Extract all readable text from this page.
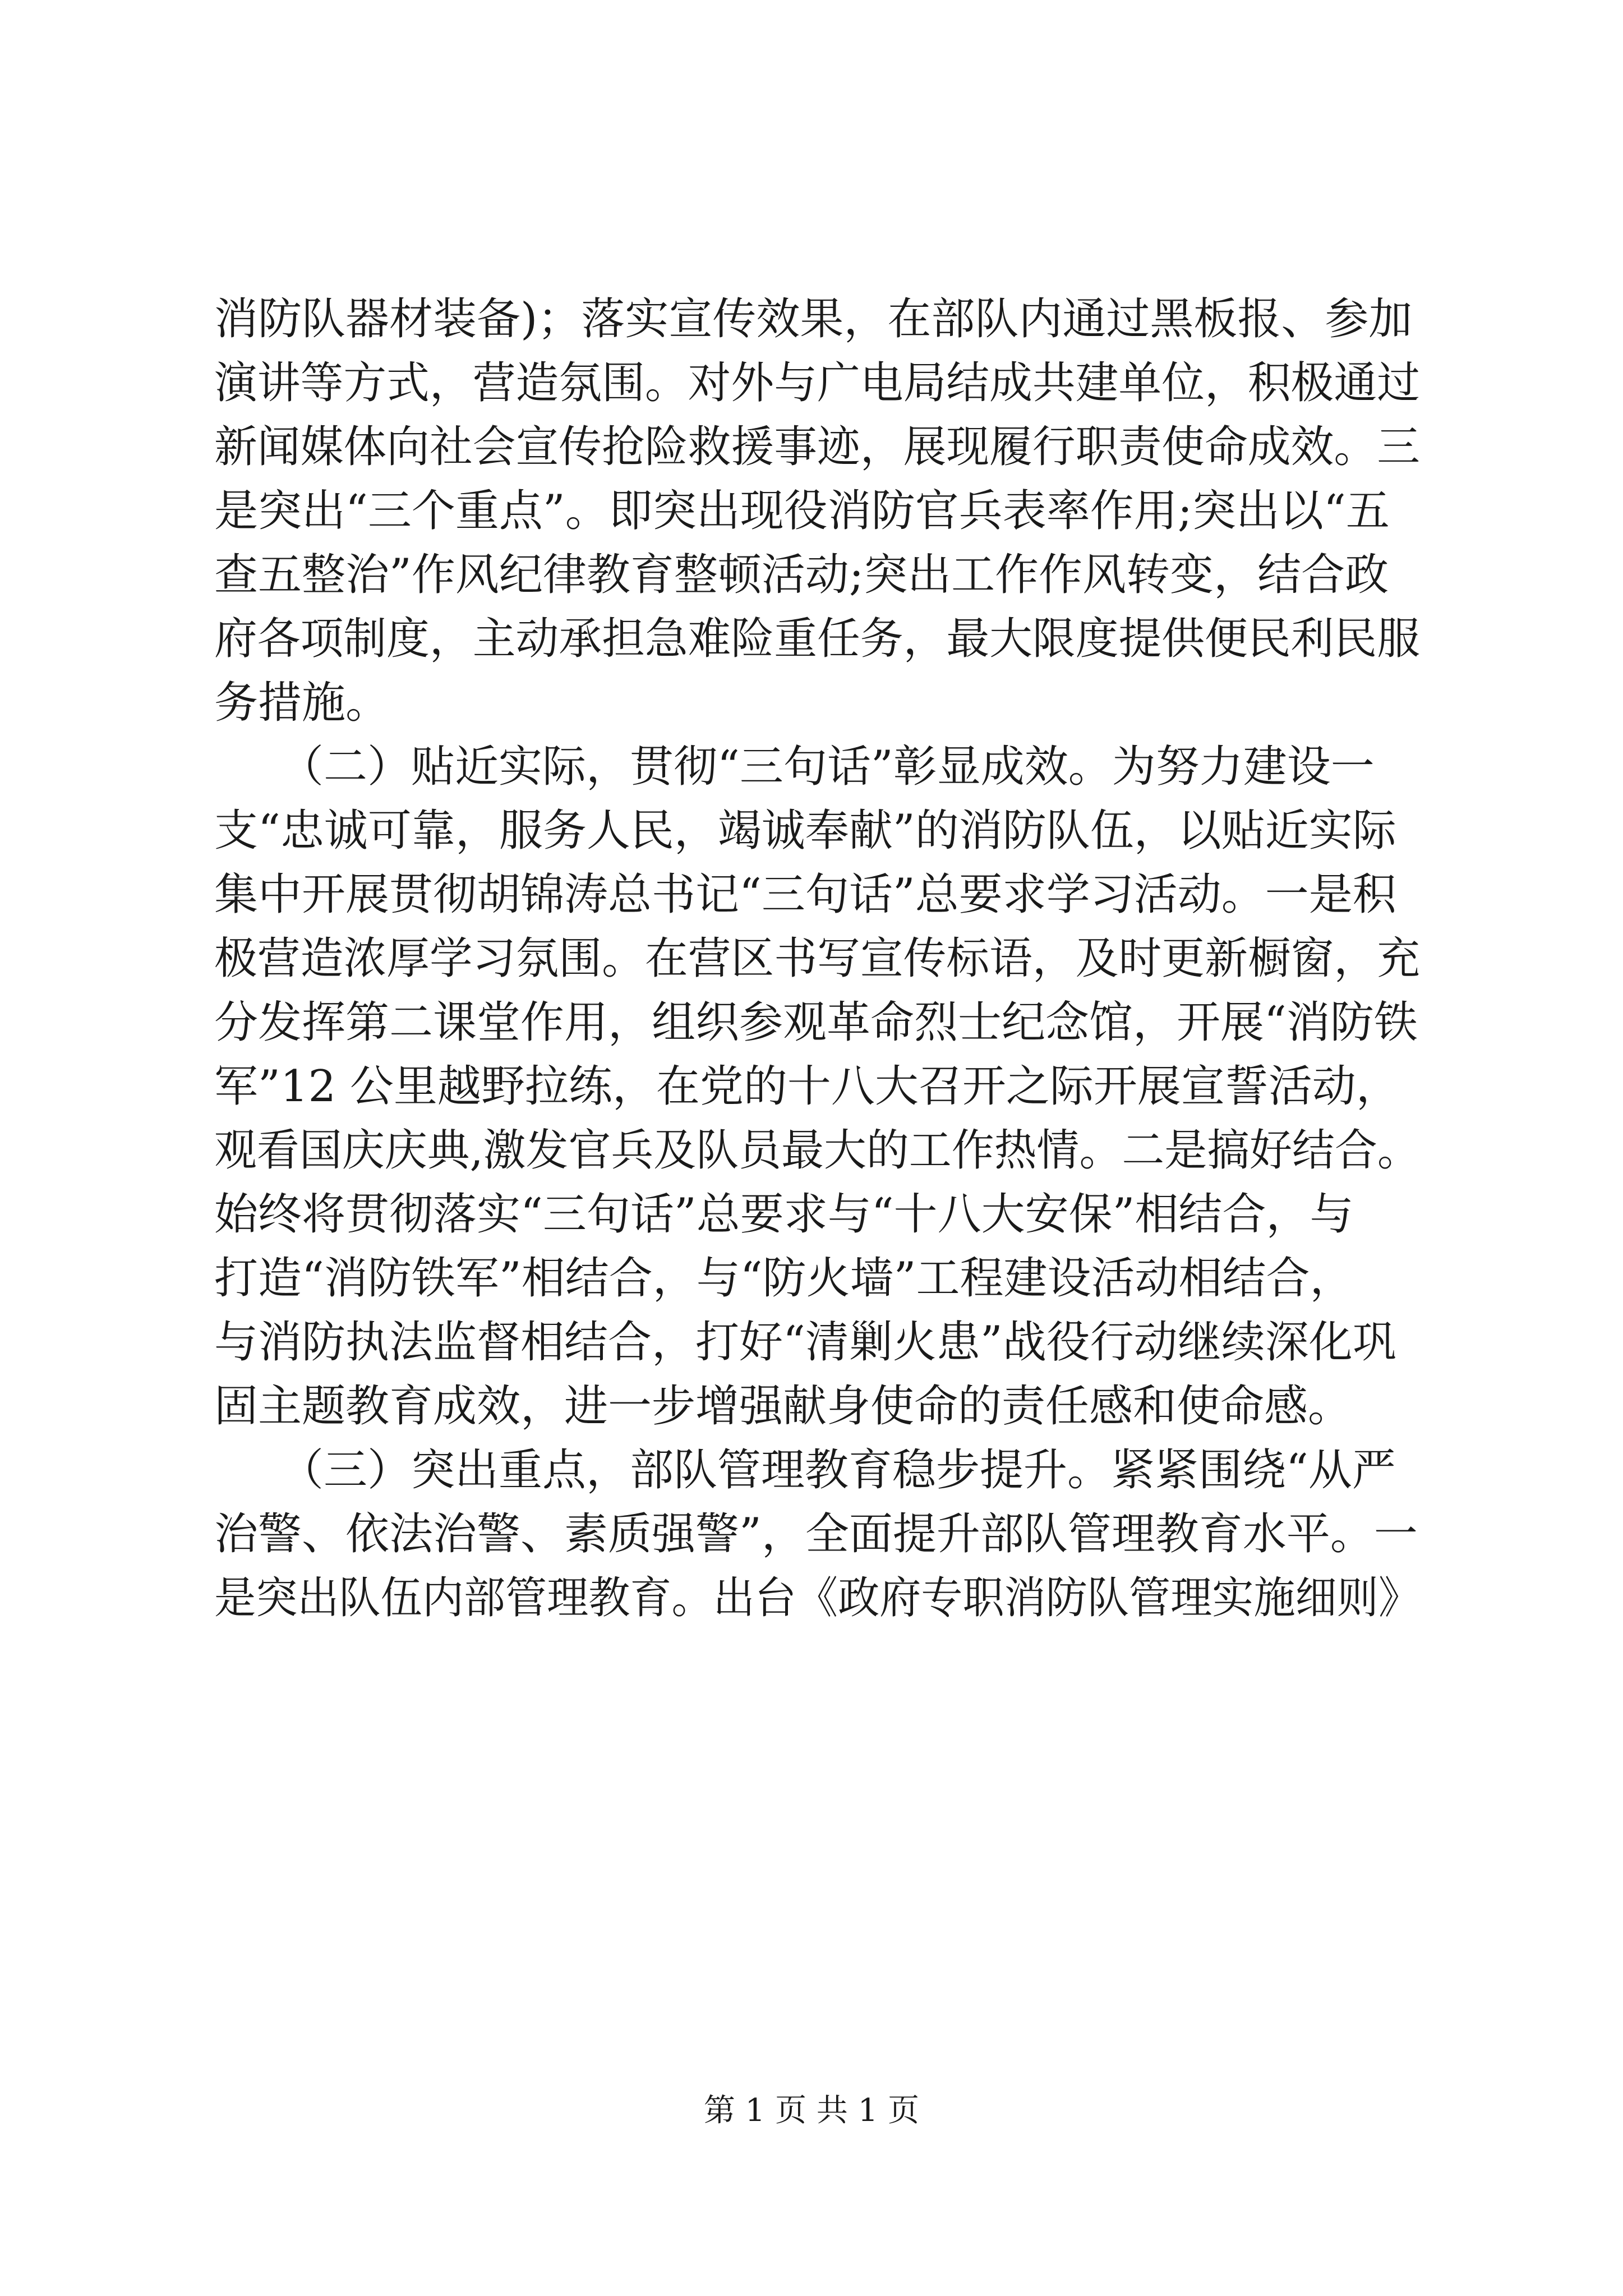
消防队器材装备)；落实宣传效果，在部队内通过黑板报、参加
演讲等方式，营造氛围。对外与广电局结成共建单位，积极通过
新闻媒体向社会宣传抢险救援事迹，展现履行职责使命成效。三
是突出“三个重点”。即突出现役消防官兵表率作用;突出以“五
查五整治”作风纪律教育整顿活动;突出工作作风转变，结合政
府各项制度，主动承担急难险重任务，最大限度提供便民利民服
务措施。
　　（二）贴近实际，贯彻“三句话”彰显成效。为努力建设一
支“忠诚可靠，服务人民，竭诚奉献”的消防队伍，以贴近实际
集中开展贯彻胡锦涛总书记“三句话”总要求学习活动。一是积
极营造浓厚学习氛围。在营区书写宣传标语，及时更新橱窗，充
分发挥第二课堂作用，组织参观革命烈士纪念馆，开展“消防铁
军”12 公里越野拉练，在党的十八大召开之际开展宣誓活动，
观看国庆庆典,激发官兵及队员最大的工作热情。二是搞好结合。
始终将贯彻落实“三句话”总要求与“十八大安保”相结合，与
打造“消防铁军”相结合，与“防火墙”工程建设活动相结合，
与消防执法监督相结合，打好“清剿火患”战役行动继续深化巩
固主题教育成效，进一步增强献身使命的责任感和使命感。
　　（三）突出重点，部队管理教育稳步提升。紧紧围绕“从严
治警、依法治警、素质强警”，全面提升部队管理教育水平。一
是突出队伍内部管理教育。出台《政府专职消防队管理实施细则》
第 1 页 共 1 页
